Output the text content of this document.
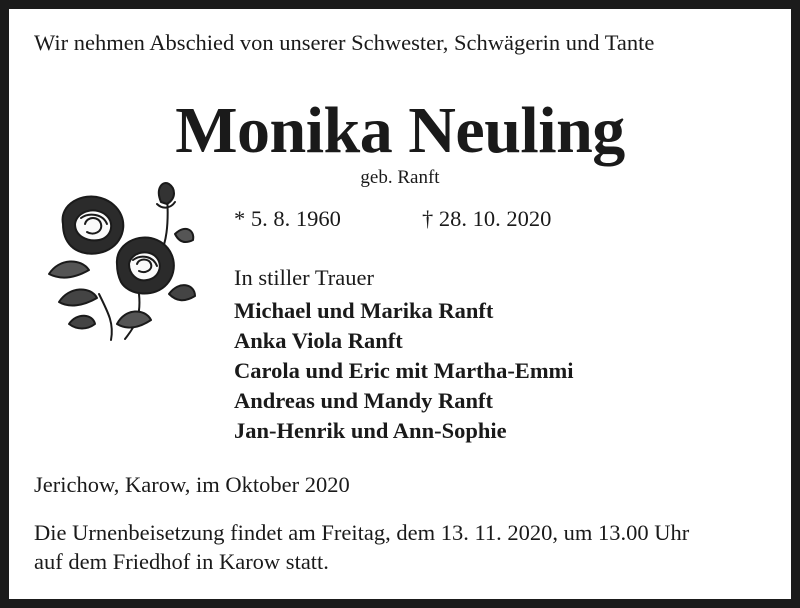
Wir nehmen Abschied von unserer Schwester, Schwägerin und Tante

Monika Neuling

geb. Ranft

* 5. 8. 1960	† 28. 10. 2020

In stiller Trauer

Michael und Marika Ranft

Anka Viola Ranft

Carola und Eric mit Martha-Emmi

Andreas und Mandy Ranft

Jan-Henrik und Ann-Sophie

Jerichow, Karow, im Oktober 2020

Die Urnenbeisetzung findet am Freitag, dem 13. 11. 2020, um 13.00 Uhr
auf dem Friedhof in Karow statt.
